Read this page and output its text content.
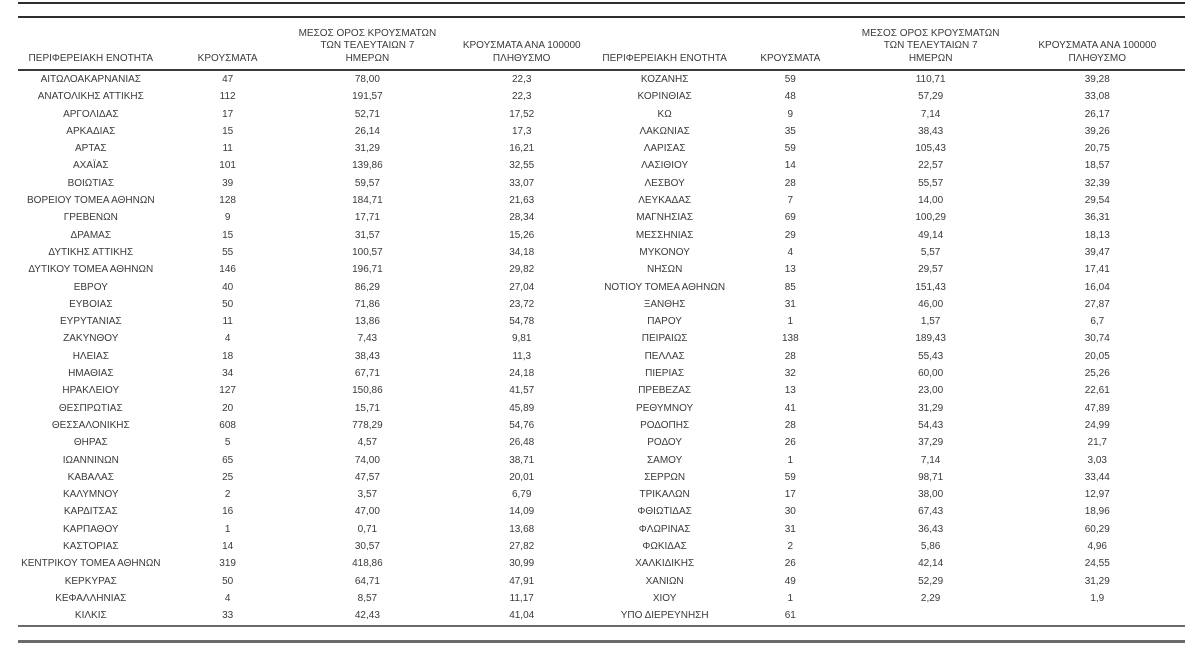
ΠΕΡΙΦΕΡΕΙΑΚΗ ΕΝΟΤΗΤΑ	ΚΡΟΥΣΜΑΤΑ	ΜΕΣΟΣ ΟΡΟΣ ΚΡΟΥΣΜΑΤΩΝ
ΤΩΝ ΤΕΛΕΥΤΑΙΩΝ 7
ΗΜΕΡΩΝ	ΚΡΟΥΣΜΑΤΑ ΑΝΑ 100000
ΠΛΗΘΥΣΜΟ

ΑΙΤΩΛΟΑΚΑΡΝΑΝΙΑΣ	47	78,00	22,3
ΑΝΑΤΟΛΙΚΗΣ ΑΤΤΙΚΗΣ	112	191,57	22,3
ΑΡΓΟΛΙΔΑΣ	17	52,71	17,52
ΑΡΚΑΔΙΑΣ	15	26,14	17,3
ΑΡΤΑΣ	11	31,29	16,21
ΑΧΑΪΑΣ	101	139,86	32,55
ΒΟΙΩΤΙΑΣ	39	59,57	33,07
ΒΟΡΕΙΟΥ ΤΟΜΕΑ ΑΘΗΝΩΝ	128	184,71	21,63
ΓΡΕΒΕΝΩΝ	9	17,71	28,34
ΔΡΑΜΑΣ	15	31,57	15,26
ΔΥΤΙΚΗΣ ΑΤΤΙΚΗΣ	55	100,57	34,18
ΔΥΤΙΚΟΥ ΤΟΜΕΑ ΑΘΗΝΩΝ	146	196,71	29,82
ΕΒΡΟΥ	40	86,29	27,04
ΕΥΒΟΙΑΣ	50	71,86	23,72
ΕΥΡΥΤΑΝΙΑΣ	11	13,86	54,78
ΖΑΚΥΝΘΟΥ	4	7,43	9,81
ΗΛΕΙΑΣ	18	38,43	11,3
ΗΜΑΘΙΑΣ	34	67,71	24,18
ΗΡΑΚΛΕΙΟΥ	127	150,86	41,57
ΘΕΣΠΡΩΤΙΑΣ	20	15,71	45,89
ΘΕΣΣΑΛΟΝΙΚΗΣ	608	778,29	54,76
ΘΗΡΑΣ	5	4,57	26,48
ΙΩΑΝΝΙΝΩΝ	65	74,00	38,71
ΚΑΒΑΛΑΣ	25	47,57	20,01
ΚΑΛΥΜΝΟΥ	2	3,57	6,79
ΚΑΡΔΙΤΣΑΣ	16	47,00	14,09
ΚΑΡΠΑΘΟΥ	1	0,71	13,68
ΚΑΣΤΟΡΙΑΣ	14	30,57	27,82
ΚΕΝΤΡΙΚΟΥ ΤΟΜΕΑ ΑΘΗΝΩΝ	319	418,86	30,99
ΚΕΡΚΥΡΑΣ	50	64,71	47,91
ΚΕΦΑΛΛΗΝΙΑΣ	4	8,57	11,17
ΚΙΛΚΙΣ	33	42,43	41,04
ΠΕΡΙΦΕΡΕΙΑΚΗ ΕΝΟΤΗΤΑ	ΚΡΟΥΣΜΑΤΑ	ΜΕΣΟΣ ΟΡΟΣ ΚΡΟΥΣΜΑΤΩΝ
ΤΩΝ ΤΕΛΕΥΤΑΙΩΝ 7
ΗΜΕΡΩΝ	ΚΡΟΥΣΜΑΤΑ ΑΝΑ 100000
ΠΛΗΘΥΣΜΟ

ΚΟΖΑΝΗΣ	59	110,71	39,28
ΚΟΡΙΝΘΙΑΣ	48	57,29	33,08
ΚΩ	9	7,14	26,17
ΛΑΚΩΝΙΑΣ	35	38,43	39,26
ΛΑΡΙΣΑΣ	59	105,43	20,75
ΛΑΣΙΘΙΟΥ	14	22,57	18,57
ΛΕΣΒΟΥ	28	55,57	32,39
ΛΕΥΚΑΔΑΣ	7	14,00	29,54
ΜΑΓΝΗΣΙΑΣ	69	100,29	36,31
ΜΕΣΣΗΝΙΑΣ	29	49,14	18,13
ΜΥΚΟΝΟΥ	4	5,57	39,47
ΝΗΣΩΝ	13	29,57	17,41
ΝΟΤΙΟΥ ΤΟΜΕΑ ΑΘΗΝΩΝ	85	151,43	16,04
ΞΑΝΘΗΣ	31	46,00	27,87
ΠΑΡΟΥ	1	1,57	6,7
ΠΕΙΡΑΙΩΣ	138	189,43	30,74
ΠΕΛΛΑΣ	28	55,43	20,05
ΠΙΕΡΙΑΣ	32	60,00	25,26
ΠΡΕΒΕΖΑΣ	13	23,00	22,61
ΡΕΘΥΜΝΟΥ	41	31,29	47,89
ΡΟΔΟΠΗΣ	28	54,43	24,99
ΡΟΔΟΥ	26	37,29	21,7
ΣΑΜΟΥ	1	7,14	3,03
ΣΕΡΡΩΝ	59	98,71	33,44
ΤΡΙΚΑΛΩΝ	17	38,00	12,97
ΦΘΙΩΤΙΔΑΣ	30	67,43	18,96
ΦΛΩΡΙΝΑΣ	31	36,43	60,29
ΦΩΚΙΔΑΣ	2	5,86	4,96
ΧΑΛΚΙΔΙΚΗΣ	26	42,14	24,55
ΧΑΝΙΩΝ	49	52,29	31,29
ΧΙΟΥ	1	2,29	1,9
ΥΠΟ ΔΙΕΡΕΥΝΗΣΗ	61		
